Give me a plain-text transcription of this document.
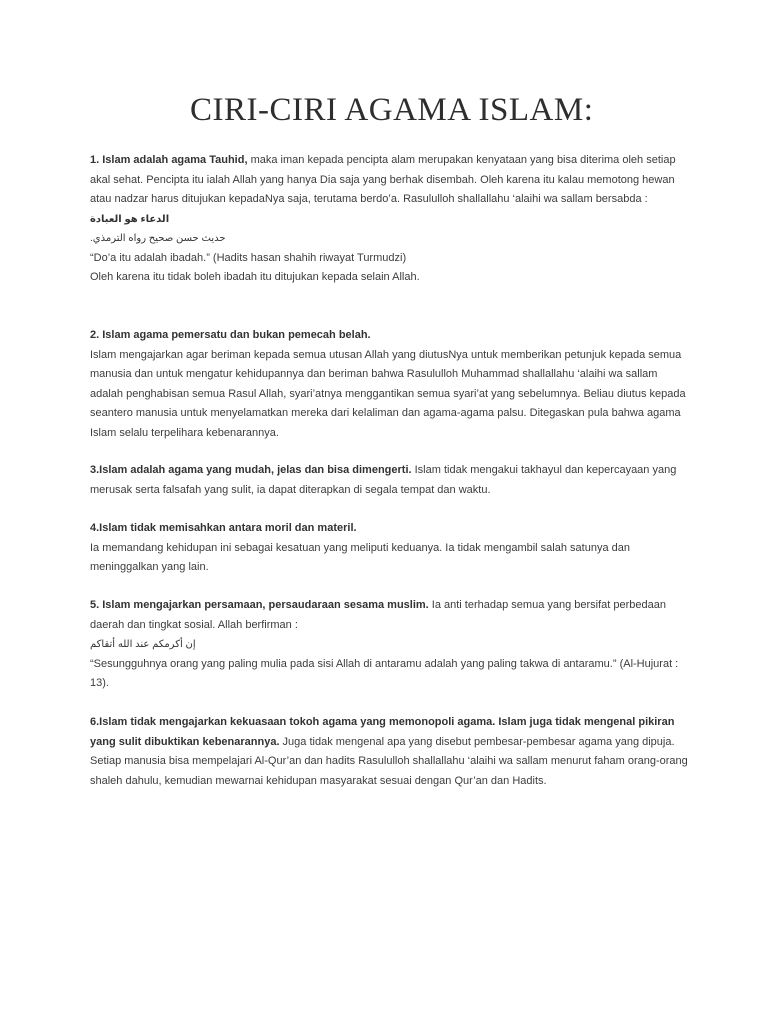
CIRI-CIRI AGAMA ISLAM:
1. Islam adalah agama Tauhid, maka iman kepada pencipta alam merupakan kenyataan yang bisa diterima oleh setiap akal sehat. Pencipta itu ialah Allah yang hanya Dia saja yang berhak disembah. Oleh karena itu kalau memotong hewan atau nadzar harus ditujukan kepadaNya saja, terutama berdo’a. Rasululloh shallallahu ‘alaihi wa sallam bersabda :
الدعاء هو العبادة
حديث حسن صحيح رواه الترمذي.
“Do’a itu adalah ibadah.” (Hadits hasan shahih riwayat Turmudzi)
Oleh karena itu tidak boleh ibadah itu ditujukan kepada selain Allah.
2. Islam agama pemersatu dan bukan pemecah belah.
Islam mengajarkan agar beriman kepada semua utusan Allah yang diutusNya untuk memberikan petunjuk kepada semua manusia dan untuk mengatur kehidupannya dan beriman bahwa Rasululloh Muhammad shallallahu ‘alaihi wa sallam adalah penghabisan semua Rasul Allah, syari’atnya menggantikan semua syari’at yang sebelumnya. Beliau diutus kepada seantero manusia untuk menyelamatkan mereka dari kelaliman dan agama-agama palsu. Ditegaskan pula bahwa agama Islam selalu terpelihara kebenarannya.
3.Islam adalah agama yang mudah, jelas dan bisa dimengerti. Islam tidak mengakui takhayul dan kepercayaan yang merusak serta falsafah yang sulit, ia dapat diterapkan di segala tempat dan waktu.
4.Islam tidak memisahkan antara moril dan materil.
Ia memandang kehidupan ini sebagai kesatuan yang meliputi keduanya. Ia tidak mengambil salah satunya dan meninggalkan yang lain.
5. Islam mengajarkan persamaan, persaudaraan sesama muslim. Ia anti terhadap semua yang bersifat perbedaan daerah dan tingkat sosial. Allah berfirman :
إن أكرمكم عند الله أتقاكم
“Sesungguhnya orang yang paling mulia pada sisi Allah di antaramu adalah yang paling takwa di antaramu.” (Al-Hujurat : 13).
6.Islam tidak mengajarkan kekuasaan tokoh agama yang memonopoli agama. Islam juga tidak mengenal pikiran yang sulit dibuktikan kebenarannya. Juga tidak mengenal apa yang disebut pembesar-pembesar agama yang dipuja. Setiap manusia bisa mempelajari Al-Qur’an dan hadits Rasululloh shallallahu ‘alaihi wa sallam menurut faham orang-orang shaleh dahulu, kemudian mewarnai kehidupan masyarakat sesuai dengan Qur’an dan Hadits.
